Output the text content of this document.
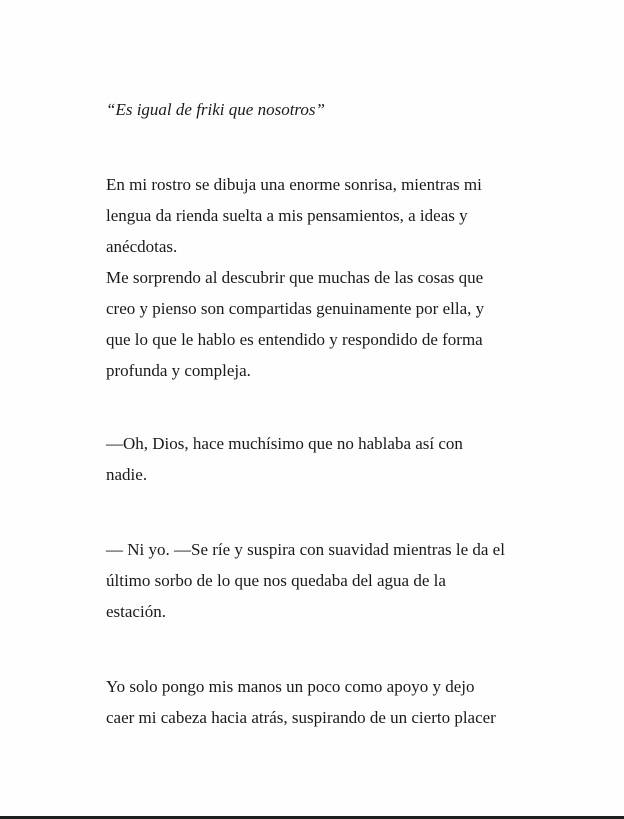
“Es igual de friki que nosotros”
En mi rostro se dibuja una enorme sonrisa, mientras mi
lengua da rienda suelta a mis pensamientos, a ideas y
anécdotas.
Me sorprendo al descubrir que muchas de las cosas que
creo y pienso son compartidas genuinamente por ella, y
que lo que le hablo es entendido y respondido de forma
profunda y compleja.
—Oh, Dios, hace muchísimo que no hablaba así con
nadie.
— Ni yo. —Se ríe y suspira con suavidad mientras le da el
último sorbo de lo que nos quedaba del agua de la
estación.
Yo solo pongo mis manos un poco como apoyo y dejo
caer mi cabeza hacia atrás, suspirando de un cierto placer
